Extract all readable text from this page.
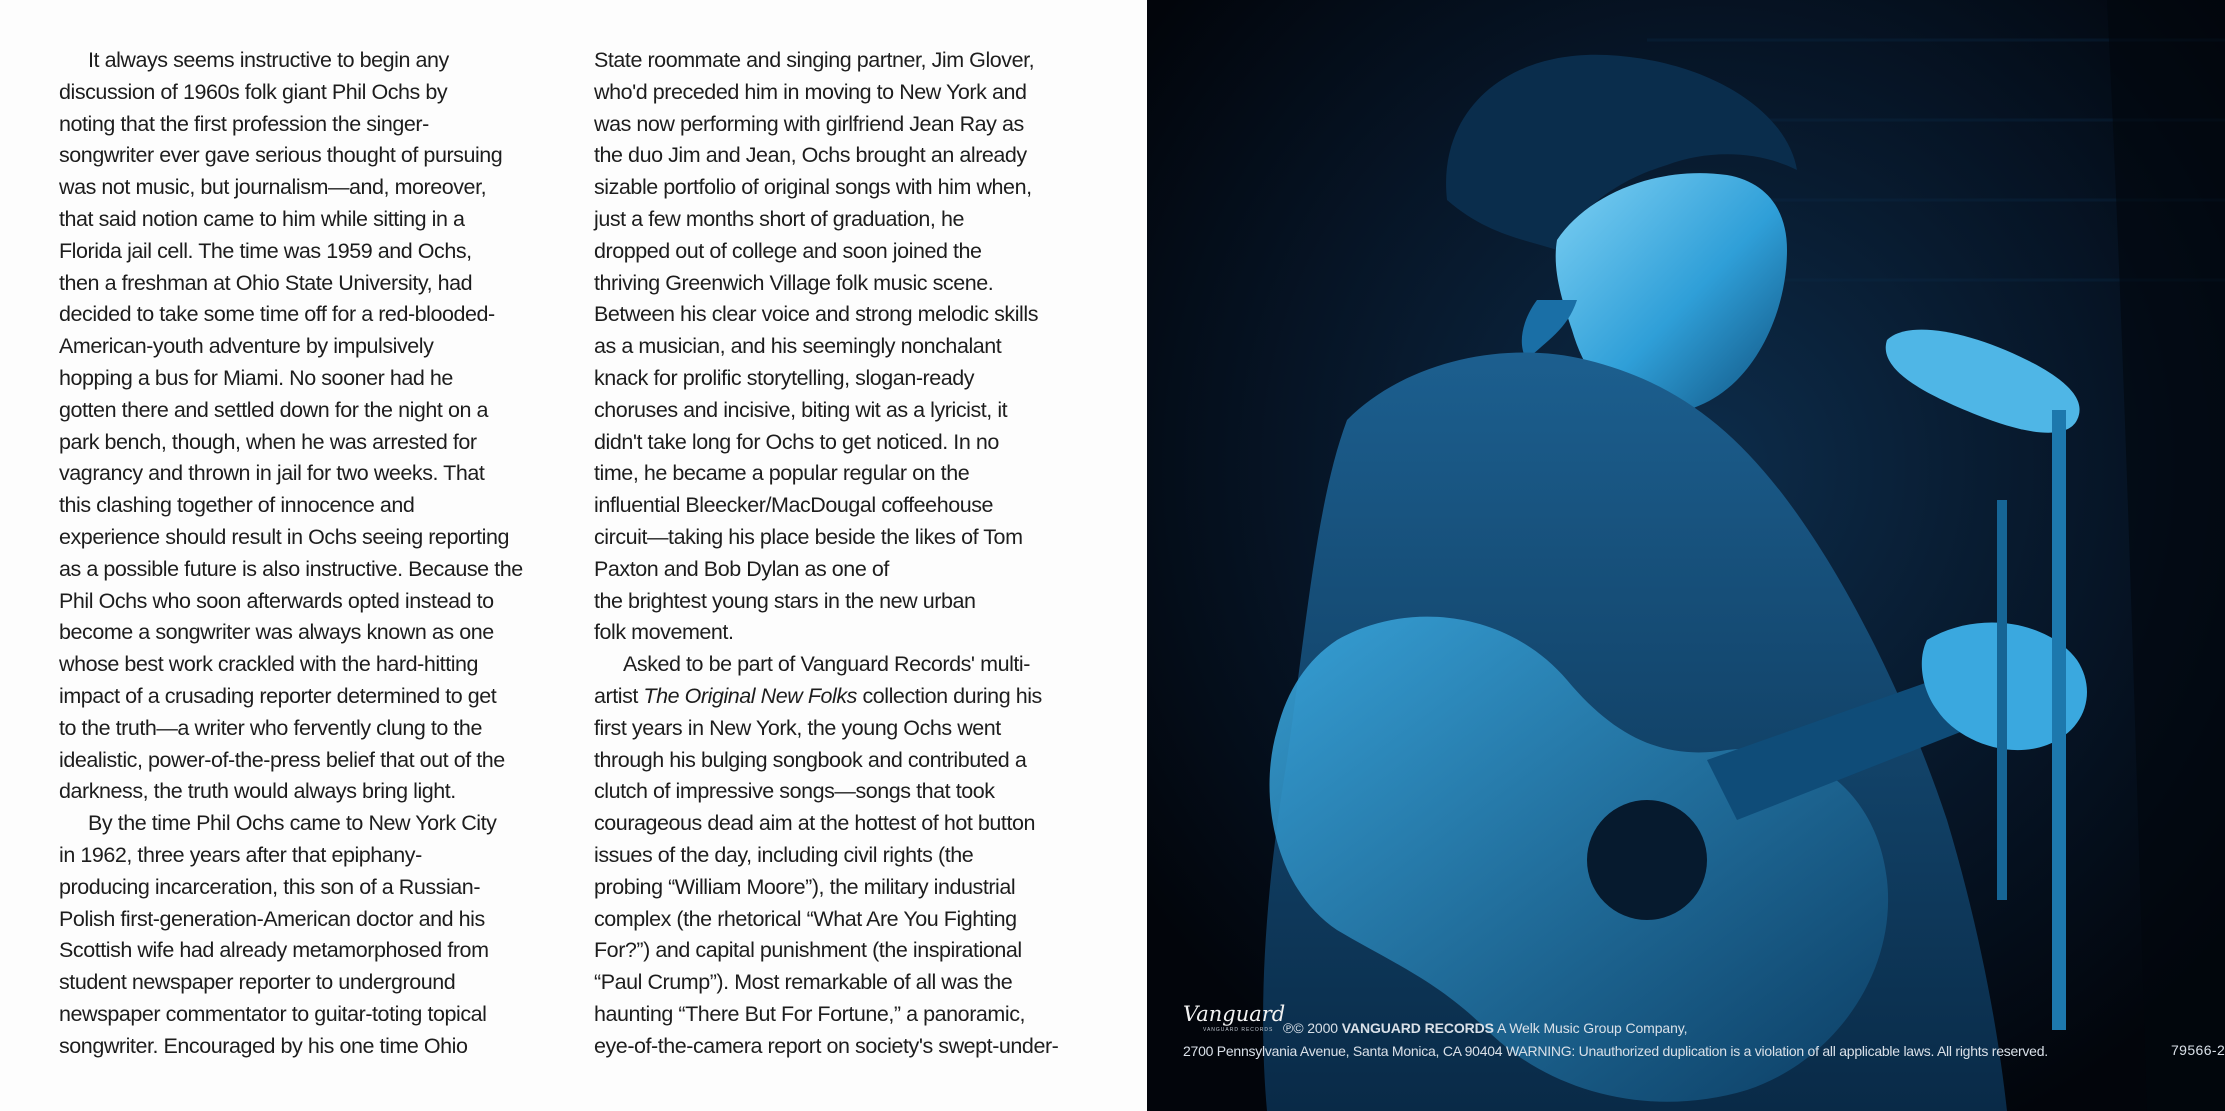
It always seems instructive to begin any
discussion of 1960s folk giant Phil Ochs by
noting that the first profession the singer-
songwriter ever gave serious thought of pursuing
was not music, but journalism—and, moreover,
that said notion came to him while sitting in a
Florida jail cell. The time was 1959 and Ochs,
then a freshman at Ohio State University, had
decided to take some time off for a red-blooded-
American-youth adventure by impulsively
hopping a bus for Miami. No sooner had he
gotten there and settled down for the night on a
park bench, though, when he was arrested for
vagrancy and thrown in jail for two weeks. That
this clashing together of innocence and
experience should result in Ochs seeing reporting
as a possible future is also instructive. Because the
Phil Ochs who soon afterwards opted instead to
become a songwriter was always known as one
whose best work crackled with the hard-hitting
impact of a crusading reporter determined to get
to the truth—a writer who fervently clung to the
idealistic, power-of-the-press belief that out of the
darkness, the truth would always bring light.

By the time Phil Ochs came to New York City
in 1962, three years after that epiphany-
producing incarceration, this son of a Russian-
Polish first-generation-American doctor and his
Scottish wife had already metamorphosed from
student newspaper reporter to underground
newspaper commentator to guitar-toting topical
songwriter. Encouraged by his one time Ohio

State roommate and singing partner, Jim Glover,
who'd preceded him in moving to New York and
was now performing with girlfriend Jean Ray as
the duo Jim and Jean, Ochs brought an already
sizable portfolio of original songs with him when,
just a few months short of graduation, he
dropped out of college and soon joined the
thriving Greenwich Village folk music scene.
Between his clear voice and strong melodic skills
as a musician, and his seemingly nonchalant
knack for prolific storytelling, slogan-ready
choruses and incisive, biting wit as a lyricist, it
didn't take long for Ochs to get noticed. In no
time, he became a popular regular on the
influential Bleecker/MacDougal coffeehouse
circuit—taking his place beside the likes of Tom
Paxton and Bob Dylan as one of
the brightest young stars in the new urban
folk movement.

Asked to be part of Vanguard Records' multi-
artist The Original New Folks collection during his
first years in New York, the young Ochs went
through his bulging songbook and contributed a
clutch of impressive songs—songs that took
courageous dead aim at the hottest of hot button
issues of the day, including civil rights (the
probing “William Moore”), the military industrial
complex (the rhetorical “What Are You Fighting
For?”) and capital punishment (the inspirational
“Paul Crump”). Most remarkable of all was the
haunting “There But For Fortune,” a panoramic,
eye-of-the-camera report on society's swept-under-

Vanguard
VANGUARD RECORDS ℗© 2000 VANGUARD RECORDS A Welk Music Group Company,
2700 Pennsylvania Avenue, Santa Monica, CA 90404 WARNING: Unauthorized duplication is a violation of all applicable laws. All rights reserved.	79566-2
